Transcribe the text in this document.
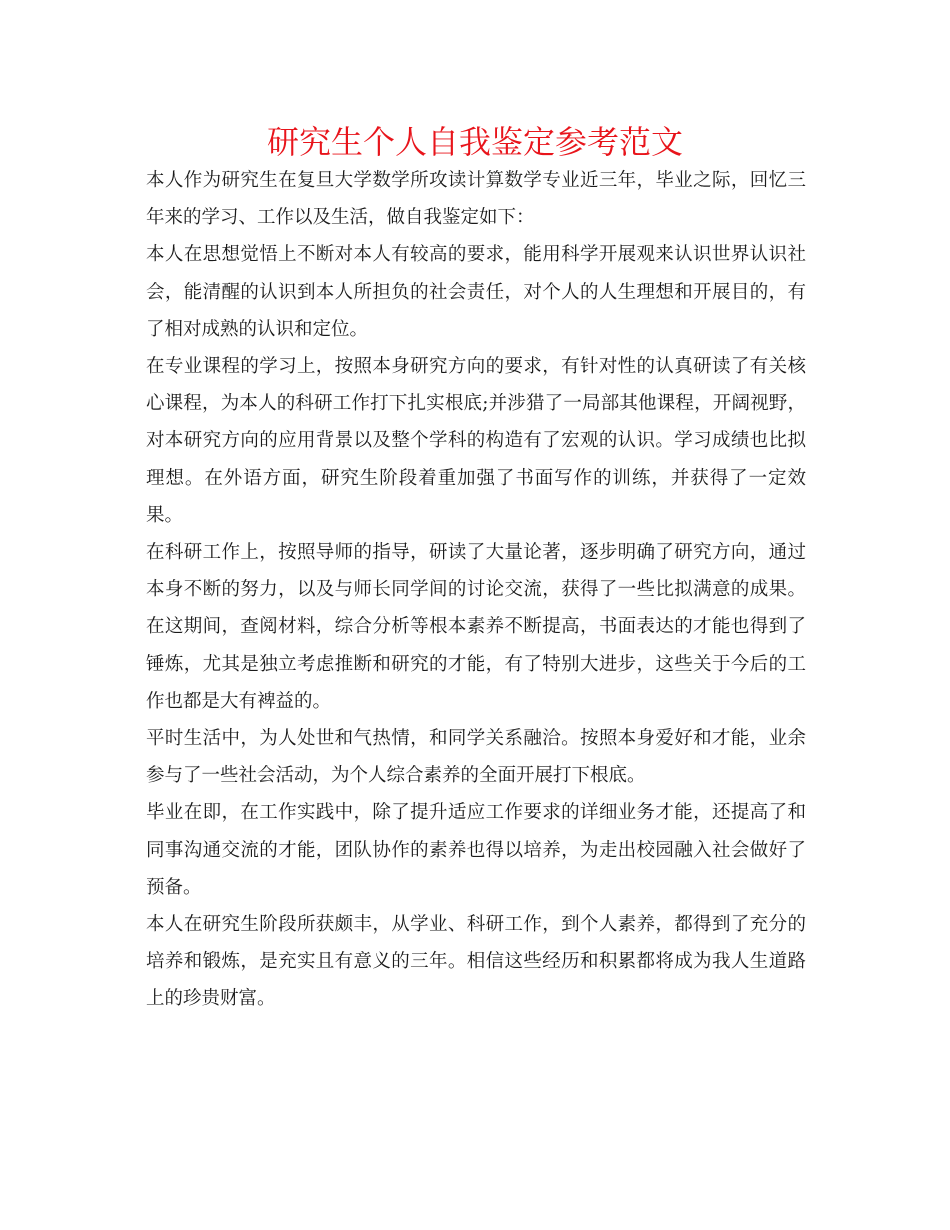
研究生个人自我鉴定参考范文

本人作为研究生在复旦大学数学所攻读计算数学专业近三年，毕业之际，回忆三年来的学习、工作以及生活，做自我鉴定如下：

本人在思想觉悟上不断对本人有较高的要求，能用科学开展观来认识世界认识社会，能清醒的认识到本人所担负的社会责任，对个人的人生理想和开展目的，有了相对成熟的认识和定位。

在专业课程的学习上，按照本身研究方向的要求，有针对性的认真研读了有关核心课程，为本人的科研工作打下扎实根底;并涉猎了一局部其他课程，开阔视野，对本研究方向的应用背景以及整个学科的构造有了宏观的认识。学习成绩也比拟理想。在外语方面，研究生阶段着重加强了书面写作的训练，并获得了一定效果。

在科研工作上，按照导师的指导，研读了大量论著，逐步明确了研究方向，通过本身不断的努力，以及与师长同学间的讨论交流，获得了一些比拟满意的成果。在这期间，查阅材料，综合分析等根本素养不断提高，书面表达的才能也得到了锤炼，尤其是独立考虑推断和研究的才能，有了特别大进步，这些关于今后的工作也都是大有裨益的。

平时生活中，为人处世和气热情，和同学关系融洽。按照本身爱好和才能，业余参与了一些社会活动，为个人综合素养的全面开展打下根底。

毕业在即，在工作实践中，除了提升适应工作要求的详细业务才能，还提高了和同事沟通交流的才能，团队协作的素养也得以培养，为走出校园融入社会做好了预备。

本人在研究生阶段所获颇丰，从学业、科研工作，到个人素养，都得到了充分的培养和锻炼，是充实且有意义的三年。相信这些经历和积累都将成为我人生道路上的珍贵财富。
